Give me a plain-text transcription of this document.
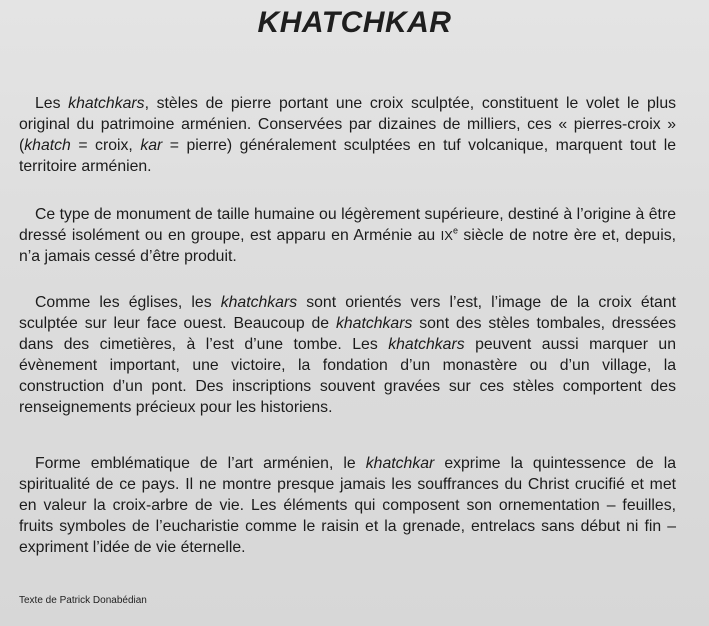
KHATCHKAR

Les khatchkars, stèles de pierre portant une croix sculptée, constituent le volet le plus original du patrimoine arménien. Conservées par dizaines de milliers, ces « pierres-croix » (khatch = croix, kar = pierre) généralement sculptées en tuf volcanique, marquent tout le territoire arménien.

Ce type de monument de taille humaine ou légèrement supérieure, destiné à l’origine à être dressé isolément ou en groupe, est apparu en Arménie au IXe siècle de notre ère et, depuis, n’a jamais cessé d’être produit.

Comme les églises, les khatchkars sont orientés vers l’est, l’image de la croix étant sculptée sur leur face ouest. Beaucoup de khatchkars sont des stèles tombales, dressées dans des cimetières, à l’est d’une tombe. Les khatchkars peuvent aussi marquer un évènement important, une victoire, la fondation d’un monastère ou d’un village, la construction d’un pont. Des inscriptions souvent gravées sur ces stèles comportent des renseignements précieux pour les historiens.

Forme emblématique de l’art arménien, le khatchkar exprime la quintessence de la spiritualité de ce pays. Il ne montre presque jamais les souffrances du Christ crucifié et met en valeur la croix-arbre de vie. Les éléments qui composent son ornementation – feuilles, fruits symboles de l’eucharistie comme le raisin et la grenade, entrelacs sans début ni fin – expriment l’idée de vie éternelle.

Texte de Patrick Donabédian
